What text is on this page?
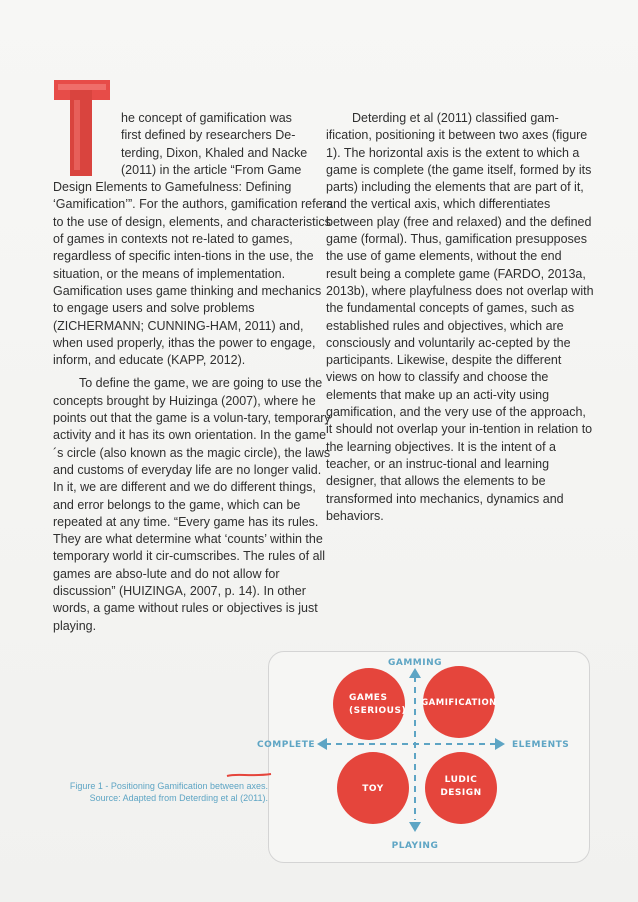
he concept of gamification was
first defined by researchers De-
terding, Dixon, Khaled and Nacke
(2011) in the article “From Game
Design Elements to Gamefulness: Defining ‘Gamification’”. For the authors, gamification refers to the use of design, elements, and characteristics of games in contexts not re-lated to games, regardless of specific inten-tions in the use, the situation, or the means of implementation. Gamification uses game thinking and mechanics to engage users and solve problems (ZICHERMANN; CUNNING-HAM, 2011) and, when used properly, ithas the power to engage, inform, and educate (KAPP, 2012).

To define the game, we are going to use the concepts brought by Huizinga (2007), where he points out that the game is a volun-tary, temporary activity and it has its own orientation. In the game´s circle (also known as the magic circle), the laws and customs of everyday life are no longer valid. In it, we are different and we do different things, and error belongs to the game, which can be repeated at any time. “Every game has its rules. They are what determine what ‘counts’ within the temporary world it cir-cumscribes. The rules of all games are abso-lute and do not allow for discussion” (HUIZINGA, 2007, p. 14). In other words, a game without rules or objectives is just playing.

Deterding et al (2011) classified gam-ification, positioning it between two axes (figure 1). The horizontal axis is the extent to which a game is complete (the game itself, formed by its parts) including the elements that are part of it, and the vertical axis, which differentiates between play (free and relaxed) and the defined game (formal). Thus, gamification presupposes the use of game elements, without the end result being a complete game (FARDO, 2013a, 2013b), where playfulness does not overlap with the fundamental concepts of games, such as established rules and objectives, which are consciously and voluntarily ac-cepted by the participants. Likewise, despite the different views on how to classify and choose the elements that make up an acti-vity using gamification, and the very use of the approach, it should not overlap your in-tention in relation to the learning objectives. It is the intent of a teacher, or an instruc-tional and learning designer, that allows the elements to be transformed into mechanics, dynamics and behaviors.

GAMMING
PLAYING
COMPLETE	ELEMENTS
GAMES
(SERIOUS)
GAMIFICATION
TOY
LUDIC
DESIGN
Figure 1 - Positioning Gamification between axes.
Source: Adapted from Deterding et al (2011).
